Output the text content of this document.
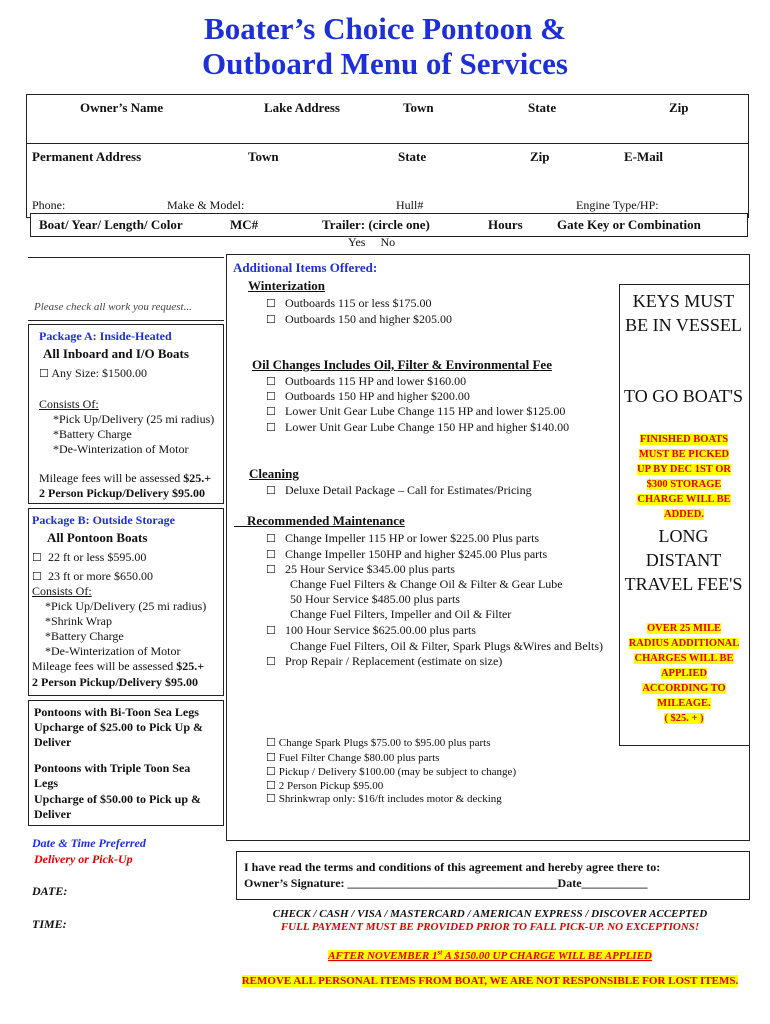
Boater’s Choice Pontoon &
Outboard Menu of Services
Owner’s Name	Lake Address	Town	State	Zip
Permanent Address	Town	State	Zip	E-Mail
Phone:	Make & Model:	Hull#	Engine Type/HP:
Boat/ Year/ Length/ Color	MC#	Trailer: (circle one)	Hours	Gate Key or Combination
Yes     No
Please check all work you request...
Package A: Inside-Heated
All Inboard and I/O Boats
☐ Any Size: $1500.00
Consists Of:
*Pick Up/Delivery (25 mi radius)
*Battery Charge
*De-Winterization of Motor
Mileage fees will be assessed $25.+
2 Person Pickup/Delivery $95.00
Package B: Outside Storage
All Pontoon Boats
☐ 22 ft or less $595.00
☐ 23 ft or more $650.00
Consists Of:
*Pick Up/Delivery (25 mi radius)
*Shrink Wrap
*Battery Charge
*De-Winterization of Motor
Mileage fees will be assessed $25.+
2 Person Pickup/Delivery $95.00
Pontoons with Bi-Toon Sea Legs
Upcharge of $25.00 to Pick Up & Deliver
Pontoons with Triple Toon Sea Legs
Upcharge of $50.00 to Pick up & Deliver
Date & Time Preferred
Delivery or Pick-Up
DATE:
TIME:
Additional Items Offered:
Winterization
☐ Outboards 115 or less $175.00
☐ Outboards 150 and higher $205.00
Oil Changes Includes Oil, Filter & Environmental Fee
☐ Outboards 115 HP and lower $160.00
☐ Outboards 150 HP and higher $200.00
☐ Lower Unit Gear Lube Change 115 HP and lower $125.00
☐ Lower Unit Gear Lube Change 150 HP and higher $140.00
Cleaning
☐ Deluxe Detail Package – Call for Estimates/Pricing
Recommended Maintenance
☐ Change Impeller 115 HP or lower $225.00 Plus parts
☐ Change Impeller 150HP and higher $245.00 Plus parts
☐ 25 Hour Service $345.00 plus parts
Change Fuel Filters & Change Oil & Filter & Gear Lube
50 Hour Service $485.00 plus parts
Change Fuel Filters, Impeller and Oil & Filter
☐ 100 Hour Service $625.00.00 plus parts
Change Fuel Filters, Oil & Filter, Spark Plugs &Wires and Belts)
☐ Prop Repair / Replacement (estimate on size)
☐ Change Spark Plugs $75.00 to $95.00 plus parts
☐ Fuel Filter Change $80.00 plus parts
☐ Pickup / Delivery $100.00 (may be subject to change)
☐ 2 Person Pickup $95.00
☐ Shrinkwrap only: $16/ft includes motor & decking
KEYS MUST BE IN VESSEL
TO GO BOAT'S
FINISHED BOATS MUST BE PICKED UP BY DEC 1ST OR $300 STORAGE CHARGE WILL BE ADDED.
LONG DISTANT TRAVEL FEE'S
OVER 25 MILE RADIUS ADDITIONAL CHARGES WILL BE APPLIED ACCORDING TO MILEAGE.
( $25. + )
I have read the terms and conditions of this agreement and hereby agree there to:
Owner’s Signature: ___________________________________Date___________
CHECK / CASH / VISA / MASTERCARD / AMERICAN EXPRESS / DISCOVER ACCEPTED
FULL PAYMENT MUST BE PROVIDED PRIOR TO FALL PICK-UP. NO EXCEPTIONS!
AFTER NOVEMBER 1st A $150.00 UP CHARGE WILL BE APPLIED
REMOVE ALL PERSONAL ITEMS FROM BOAT, WE ARE NOT RESPONSIBLE FOR LOST ITEMS.
